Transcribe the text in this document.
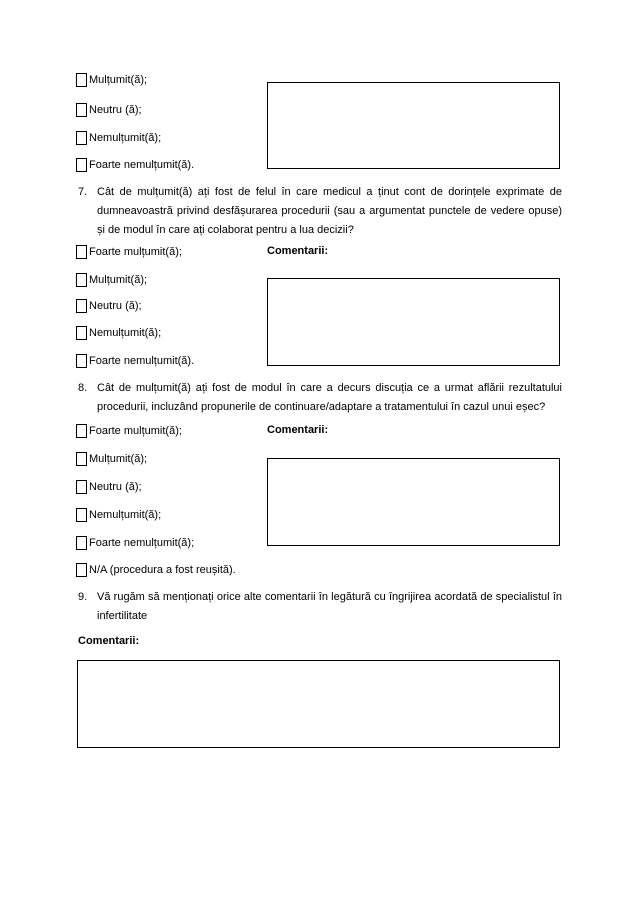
Mulțumit(ă);
Neutru (ă);
Nemulțumit(ă);
Foarte nemulțumit(ă).
7. Cât de mulțumit(ă) ați fost de felul în care medicul a ținut cont de dorințele exprimate de dumneavoastră privind desfășurarea procedurii (sau a argumentat punctele de vedere opuse) și de modul în care ați colaborat pentru a lua decizii?
Foarte mulțumit(ă);	Comentarii:
Mulțumit(ă);
Neutru (ă);
Nemulțumit(ă);
Foarte nemulțumit(ă).
8. Cât de mulțumit(ă) ați fost de modul în care a decurs discuția ce a urmat aflării rezultatului procedurii, incluzând propunerile de continuare/adaptare a tratamentului în cazul unui eșec?
Foarte mulțumit(ă);	Comentarii:
Mulțumit(ă);
Neutru (ă);
Nemulțumit(ă);
Foarte nemulțumit(ă);
N/A (procedura a fost reușită).
9. Vă rugăm să menționați orice alte comentarii în legătură cu îngrijirea acordată de specialistul în infertilitate
Comentarii:
